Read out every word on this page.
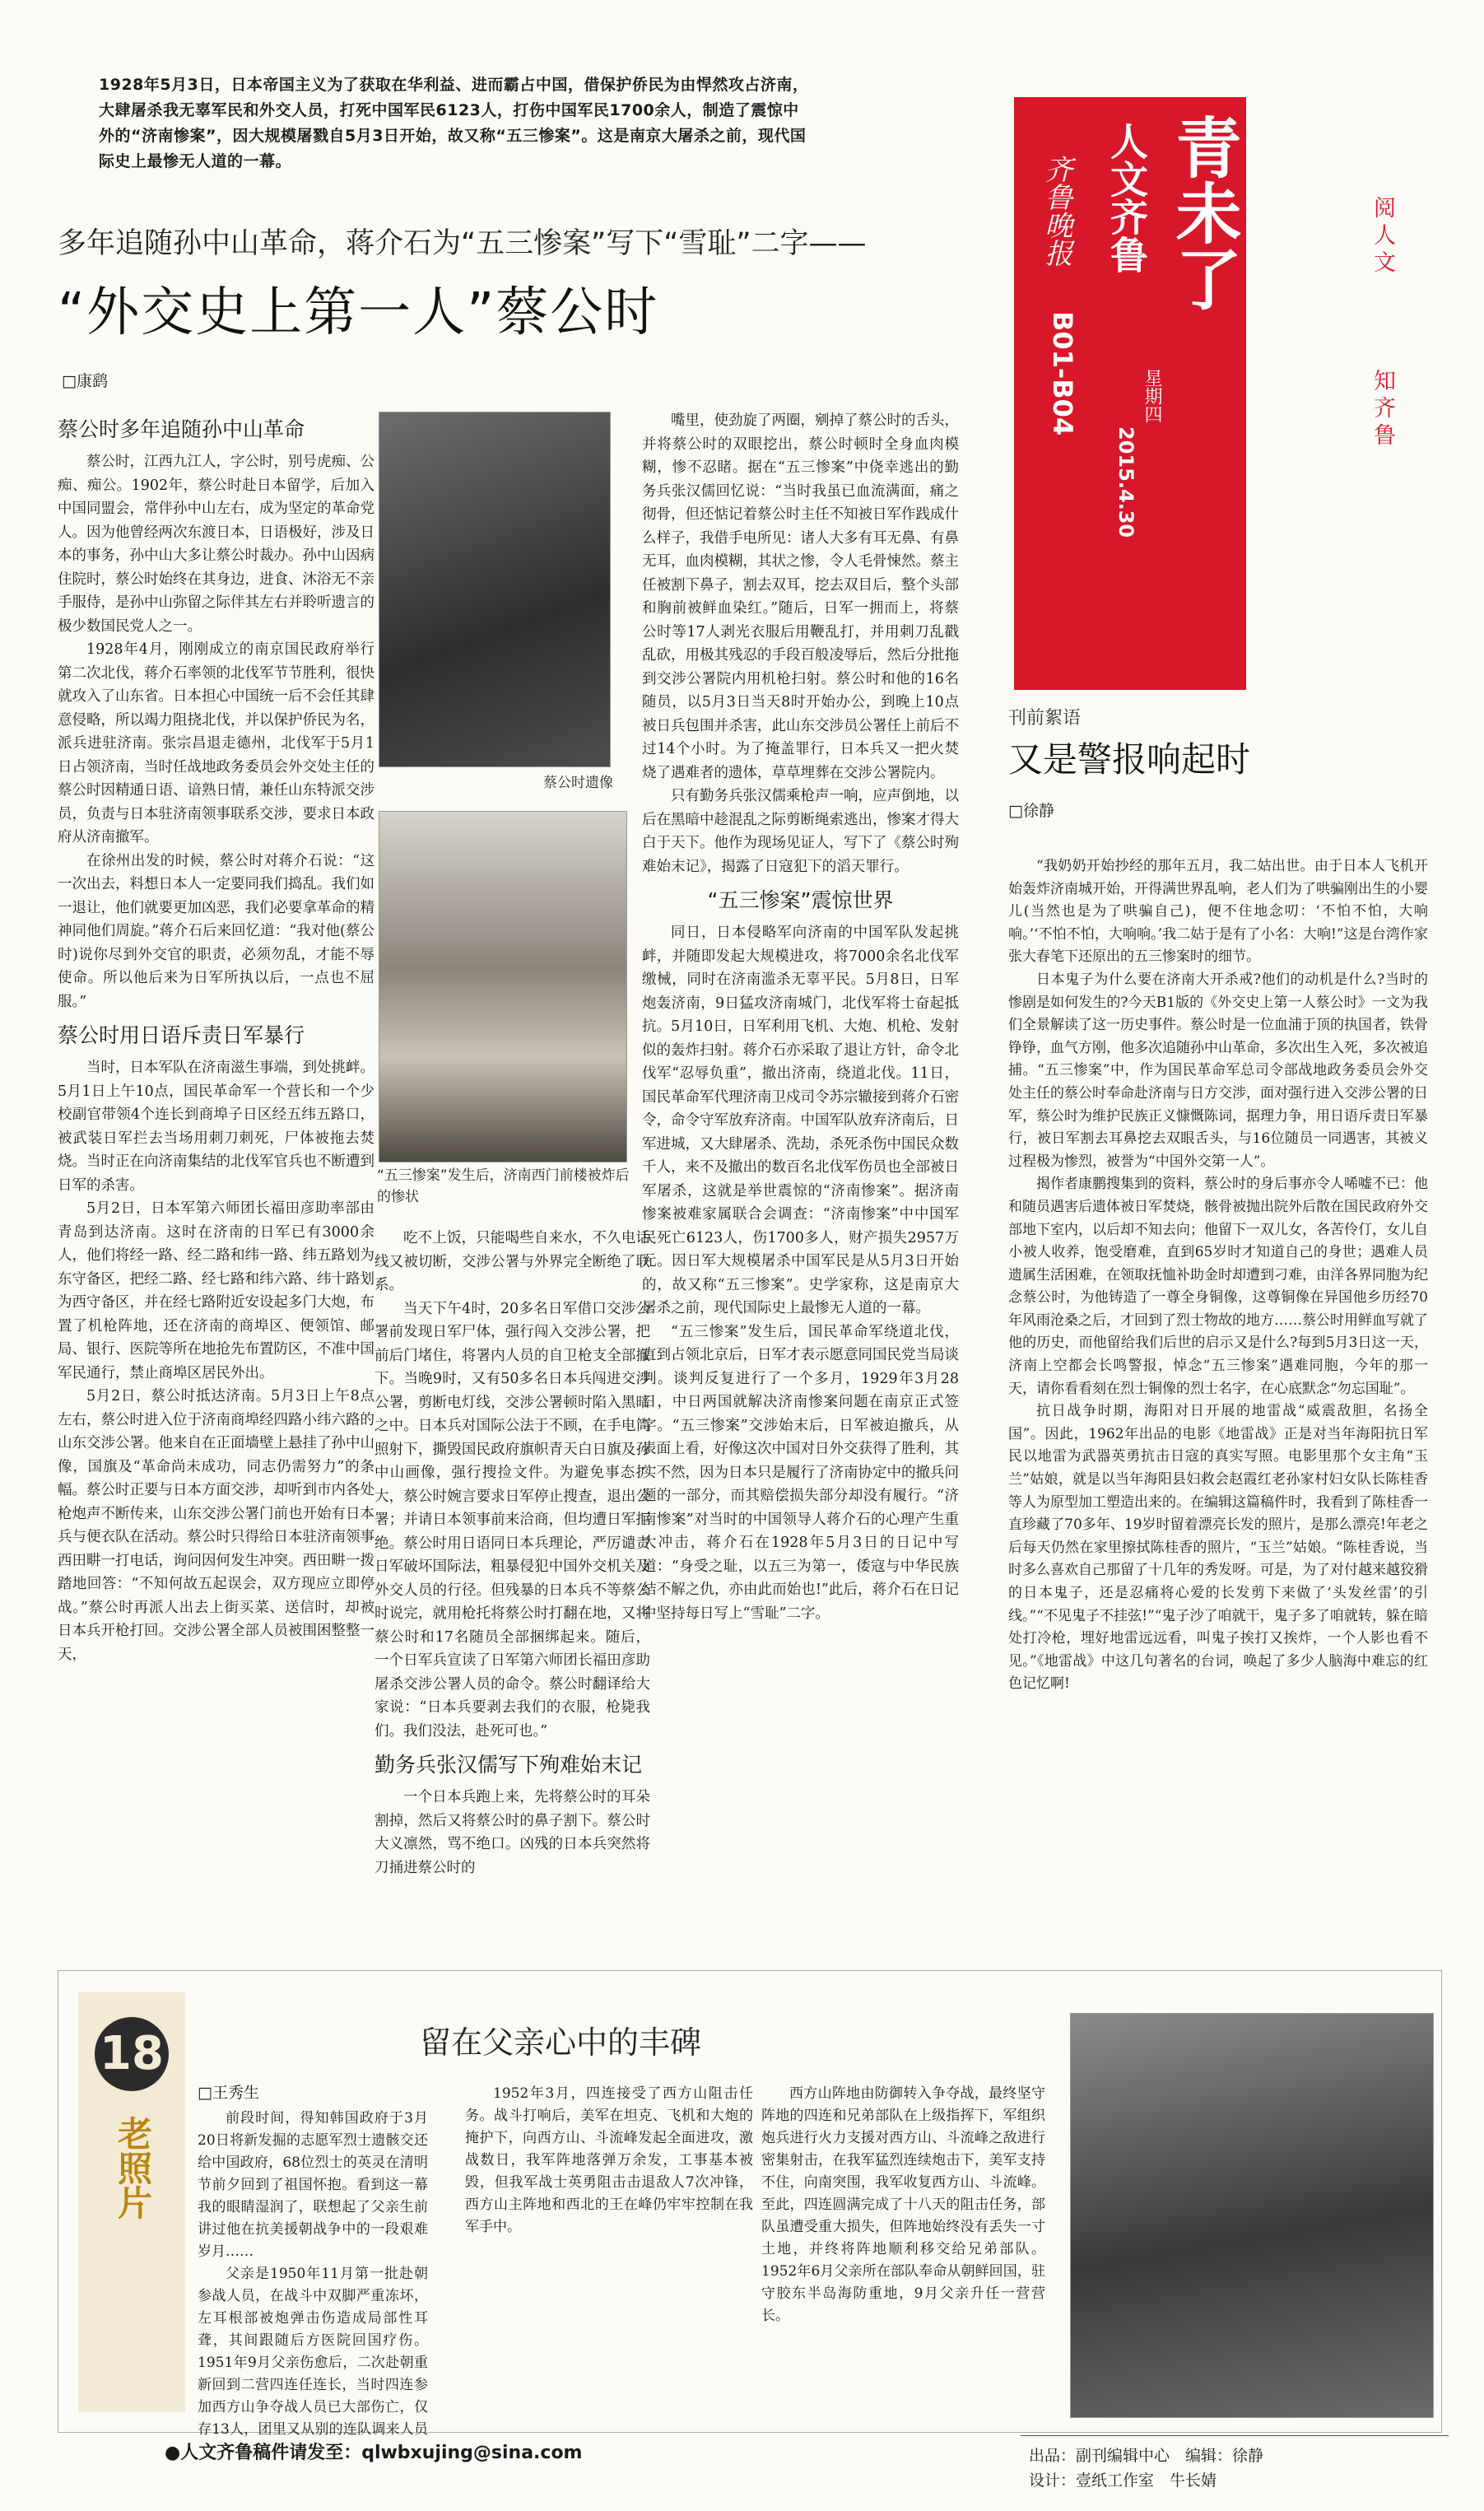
1928年5月3日，日本帝国主义为了获取在华利益、进而霸占中国，借保护侨民为由悍然攻占济南，大肆屠杀我无辜军民和外交人员，打死中国军民6123人，打伤中国军民1700余人，制造了震惊中外的“济南惨案”，因大规模屠戮自5月3日开始，故又称“五三惨案”。这是南京大屠杀之前，现代国际史上最惨无人道的一幕。
多年追随孙中山革命，蒋介石为“五三惨案”写下“雪耻”二字——
“外交史上第一人”蔡公时
□康鹞
青未了
人文齐鲁
齐鲁晚报
星期四
2015.4.30
B01-B04
阅人文
知齐鲁
蔡公时多年追随孙中山革命

蔡公时，江西九江人，字公时，别号虎痴、公痴、痴公。1902年，蔡公时赴日本留学，后加入中国同盟会，常伴孙中山左右，成为坚定的革命党人。因为他曾经两次东渡日本，日语极好，涉及日本的事务，孙中山大多让蔡公时裁办。孙中山因病住院时，蔡公时始终在其身边，进食、沐浴无不亲手服侍，是孙中山弥留之际伴其左右并聆听遗言的极少数国民党人之一。

1928年4月，刚刚成立的南京国民政府举行第二次北伐，蒋介石率领的北伐军节节胜利，很快就攻入了山东省。日本担心中国统一后不会任其肆意侵略，所以竭力阻挠北伐，并以保护侨民为名，派兵进驻济南。张宗昌退走德州，北伐军于5月1日占领济南，当时任战地政务委员会外交处主任的蔡公时因精通日语、谙熟日情，兼任山东特派交涉员，负责与日本驻济南领事联系交涉，要求日本政府从济南撤军。

在徐州出发的时候，蔡公时对蒋介石说：“这一次出去，料想日本人一定要同我们捣乱。我们如一退让，他们就要更加凶恶，我们必要拿革命的精神同他们周旋。”蒋介石后来回忆道：“我对他(蔡公时)说你尽到外交官的职责，必须勿乱，才能不辱使命。所以他后来为日军所执以后，一点也不屈服。”

蔡公时用日语斥责日军暴行

当时，日本军队在济南滋生事端，到处挑衅。5月1日上午10点，国民革命军一个营长和一个少校副官带领4个连长到商埠子日区经五纬五路口，被武装日军拦去当场用刺刀刺死，尸体被拖去焚烧。当时正在向济南集结的北伐军官兵也不断遭到日军的杀害。

5月2日，日本军第六师团长福田彦助率部由青岛到达济南。这时在济南的日军已有3000余人，他们将经一路、经二路和纬一路、纬五路划为东守备区，把经二路、经七路和纬六路、纬十路划为西守备区，并在经七路附近安设起多门大炮，布置了机枪阵地，还在济南的商埠区、便领馆、邮局、银行、医院等所在地抢先布置防区，不准中国军民通行，禁止商埠区居民外出。

5月2日，蔡公时抵达济南。5月3日上午8点左右，蔡公时进入位于济南商埠经四路小纬六路的山东交涉公署。他来自在正面墙壁上悬挂了孙中山像，国旗及“革命尚未成功，同志仍需努力”的条幅。蔡公时正要与日本方面交涉，却听到市内各处枪炮声不断传来，山东交涉公署门前也开始有日本兵与便衣队在活动。蔡公时只得给日本驻济南领事西田畊一打电话，询问因何发生冲突。西田畊一拨踏地回答：“不知何故五起误会，双方现应立即停战。”蔡公时再派人出去上街买菜、送信时，却被日本兵开枪打回。交涉公署全部人员被围困整整一天，

蔡公时遗像
“五三惨案”发生后，济南西门前楼被炸后的惨状

吃不上饭，只能喝些自来水，不久电话线又被切断，交涉公署与外界完全断绝了联系。

当天下午4时，20多名日军借口交涉公署前发现日军尸体，强行闯入交涉公署，把前后门堵住，将署内人员的自卫枪支全部撤下。当晚9时，又有50多名日本兵闯进交涉公署，剪断电灯线，交涉公署顿时陷入黑暗之中。日本兵对国际公法于不顾，在手电筒照射下，撕毁国民政府旗帜青天白日旗及孙中山画像，强行搜捡文件。为避免事态扩大，蔡公时婉言要求日军停止搜查，退出公署；并请日本领事前来洽商，但均遭日军拒绝。蔡公时用日语同日本兵理论，严厉谴责日军破坏国际法，粗暴侵犯中国外交机关及外交人员的行径。但残暴的日本兵不等蔡公时说完，就用枪托将蔡公时打翻在地，又将蔡公时和17名随员全部捆绑起来。随后，一个日军兵宣读了日军第六师团长福田彦助屠杀交涉公署人员的命令。蔡公时翻译给大家说：“日本兵要剥去我们的衣服，枪毙我们。我们没法，赴死可也。”

勤务兵张汉儒写下殉难始末记

一个日本兵跑上来，先将蔡公时的耳朵割掉，然后又将蔡公时的鼻子割下。蔡公时大义凛然，骂不绝口。凶残的日本兵突然将刀捅进蔡公时的

嘴里，使劲旋了两圈，剜掉了蔡公时的舌头，并将蔡公时的双眼挖出，蔡公时顿时全身血肉模糊，惨不忍睹。据在“五三惨案”中侥幸逃出的勤务兵张汉儒回忆说：“当时我虽已血流满面，痛之彻骨，但还惦记着蔡公时主任不知被日军作践成什么样子，我借手电所见：诸人大多有耳无鼻、有鼻无耳，血肉模糊，其状之惨，令人毛骨悚然。蔡主任被割下鼻子，割去双耳，挖去双目后，整个头部和胸前被鲜血染红。”随后，日军一拥而上，将蔡公时等17人剥光衣服后用鞭乱打，并用刺刀乱戳乱砍，用极其残忍的手段百般凌辱后，然后分批拖到交涉公署院内用机枪扫射。蔡公时和他的16名随员，以5月3日当天8时开始办公，到晚上10点被日兵包围并杀害，此山东交涉员公署任上前后不过14个小时。为了掩盖罪行，日本兵又一把火焚烧了遇难者的遗体，草草埋葬在交涉公署院内。

只有勤务兵张汉儒乘枪声一响，应声倒地，以后在黑暗中趁混乱之际剪断绳索逃出，惨案才得大白于天下。他作为现场见证人，写下了《蔡公时殉难始末记》，揭露了日寇犯下的滔天罪行。

“五三惨案”震惊世界

同日，日本侵略军向济南的中国军队发起挑衅，并随即发起大规模进攻，将7000余名北伐军缴械，同时在济南滥杀无辜平民。5月8日，日军炮轰济南，9日猛攻济南城门，北伐军将士奋起抵抗。5月10日，日军利用飞机、大炮、机枪、发射似的轰炸扫射。蒋介石亦采取了退让方针，命令北伐军“忍辱负重”，撤出济南，绕道北伐。11日，国民革命军代理济南卫戍司令苏宗辙接到蒋介石密令，命令守军放弃济南。中国军队放弃济南后，日军进城，又大肆屠杀、洗劫，杀死杀伤中国民众数千人，来不及撤出的数百名北伐军伤员也全部被日军屠杀，这就是举世震惊的“济南惨案”。据济南惨案被难家属联合会调查：“济南惨案”中中国军民死亡6123人，伤1700多人，财产损失2957万元。因日军大规模屠杀中国军民是从5月3日开始的，故又称“五三惨案”。史学家称，这是南京大屠杀之前，现代国际史上最惨无人道的一幕。

“五三惨案”发生后，国民革命军绕道北伐，直到占领北京后，日军才表示愿意同国民党当局谈判。谈判反复进行了一个多月，1929年3月28日，中日两国就解决济南惨案问题在南京正式签字。“五三惨案”交涉始末后，日军被迫撤兵，从表面上看，好像这次中国对日外交获得了胜利，其实不然，因为日本只是履行了济南协定中的撤兵问题的一部分，而其赔偿损失部分却没有履行。“济南惨案”对当时的中国领导人蒋介石的心理产生重大冲击，蒋介石在1928年5月3日的日记中写道：“身受之耻，以五三为第一，倭寇与中华民族结不解之仇，亦由此而始也!”此后，蒋介石在日记中坚持每日写上“雪耻”二字。

刊前絮语
又是警报响起时
□徐静

“我奶奶开始抄经的那年五月，我二姑出世。由于日本人飞机开始轰炸济南城开始，开得满世界乱响，老人们为了哄骗刚出生的小婴儿(当然也是为了哄骗自己)，便不住地念叨：‘不怕不怕，大响响。’‘不怕不怕，大响响。’我二姑于是有了小名：大响!”这是台湾作家张大春笔下还原出的五三惨案时的细节。

日本鬼子为什么要在济南大开杀戒?他们的动机是什么?当时的惨剧是如何发生的?今天B1版的《外交史上第一人蔡公时》一文为我们全景解读了这一历史事件。蔡公时是一位血浦于顶的执国者，铁骨铮铮，血气方刚，他多次追随孙中山革命，多次出生入死，多次被追捕。“五三惨案”中，作为国民革命军总司令部战地政务委员会外交处主任的蔡公时奉命赴济南与日方交涉，面对强行进入交涉公署的日军，蔡公时为维护民族正义慷慨陈词，据理力争，用日语斥责日军暴行，被日军割去耳鼻挖去双眼舌头，与16位随员一同遇害，其被义过程极为惨烈，被誉为“中国外交第一人”。

揭作者康鹏搜集到的资料，蔡公时的身后事亦令人唏嘘不已：他和随员遇害后遗体被日军焚烧，骸骨被抛出院外后散在国民政府外交部地下室内，以后却不知去向；他留下一双儿女，各苦伶仃，女儿自小被人收养，饱受磨难，直到65岁时才知道自己的身世；遇难人员遗属生活困难，在领取抚恤补助金时却遭到刁难，由洋各界同胞为纪念蔡公时，为他铸造了一尊全身铜像，这尊铜像在异国他乡历经70年风雨沧桑之后，才回到了烈士物故的地方……蔡公时用鲜血写就了他的历史，而他留给我们后世的启示又是什么?每到5月3日这一天，济南上空都会长鸣警报，悼念“五三惨案”遇难同胞，今年的那一天，请你看看刻在烈士铜像的烈士名字，在心底默念“勿忘国耻”。

抗日战争时期，海阳对日开展的地雷战“威震敌胆，名扬全国”。因此，1962年出品的电影《地雷战》正是对当年海阳抗日军民以地雷为武器英勇抗击日寇的真实写照。电影里那个女主角“玉兰”姑娘，就是以当年海阳县妇救会赵霞红老孙家村妇女队长陈桂香等人为原型加工塑造出来的。在编辑这篇稿件时，我看到了陈桂香一直珍藏了70多年、19岁时留着漂亮长发的照片，是那么漂亮!年老之后每天仍然在家里擦拭陈桂香的照片，“玉兰”姑娘。“陈桂香说，当时多么喜欢自己那留了十几年的秀发呀。可是，为了对付越来越狡猾的日本鬼子，还是忍痛将心爱的长发剪下来做了‘头发丝雷’的引线。”“不见鬼子不挂弦!”“鬼子沙了咱就干，鬼子多了咱就转，躲在暗处打冷枪，埋好地雷远远看，叫鬼子挨打又挨炸，一个人影也看不见。”《地雷战》中这几句著名的台词，唤起了多少人脑海中难忘的红色记忆啊!

18
老照片
留在父亲心中的丰碑
□王秀生

前段时间，得知韩国政府于3月20日将新发掘的志愿军烈士遗骸交还给中国政府，68位烈士的英灵在清明节前夕回到了祖国怀抱。看到这一幕我的眼睛湿润了，联想起了父亲生前讲过他在抗美援朝战争中的一段艰难岁月……

父亲是1950年11月第一批赴朝参战人员，在战斗中双脚严重冻坏，左耳根部被炮弹击伤造成局部性耳聋，其间跟随后方医院回国疗伤。1951年9月父亲伤愈后，二次赴朝重新回到二营四连任连长，当时四连参加西方山争夺战人员已大部伤亡，仅存13人，团里又从别的连队调来人员

1952年3月，四连接受了西方山阻击任务。战斗打响后，美军在坦克、飞机和大炮的掩护下，向西方山、斗流峰发起全面进攻，激战数日，我军阵地落弹万余发，工事基本被毁，但我军战士英勇阻击击退敌人7次冲锋，西方山主阵地和西北的王在峰仍牢牢控制在我军手中。

西方山阵地由防御转入争夺战，最终坚守阵地的四连和兄弟部队在上级指挥下，军组织炮兵进行火力支援对西方山、斗流峰之敌进行密集射击，在我军猛烈连续炮击下，美军支持不住，向南突围，我军收复西方山、斗流峰。至此，四连圆满完成了十八天的阻击任务，部队虽遭受重大损失，但阵地始终没有丢失一寸土地，并终将阵地顺利移交给兄弟部队。1952年6月父亲所在部队奉命从朝鲜回国，驻守胶东半岛海防重地，9月父亲升任一营营长。

●人文齐鲁稿件请发至：qlwbxujing@sina.com	出品：副刊编辑中心　编辑：徐静
设计：壹纸工作室　牛长婧
